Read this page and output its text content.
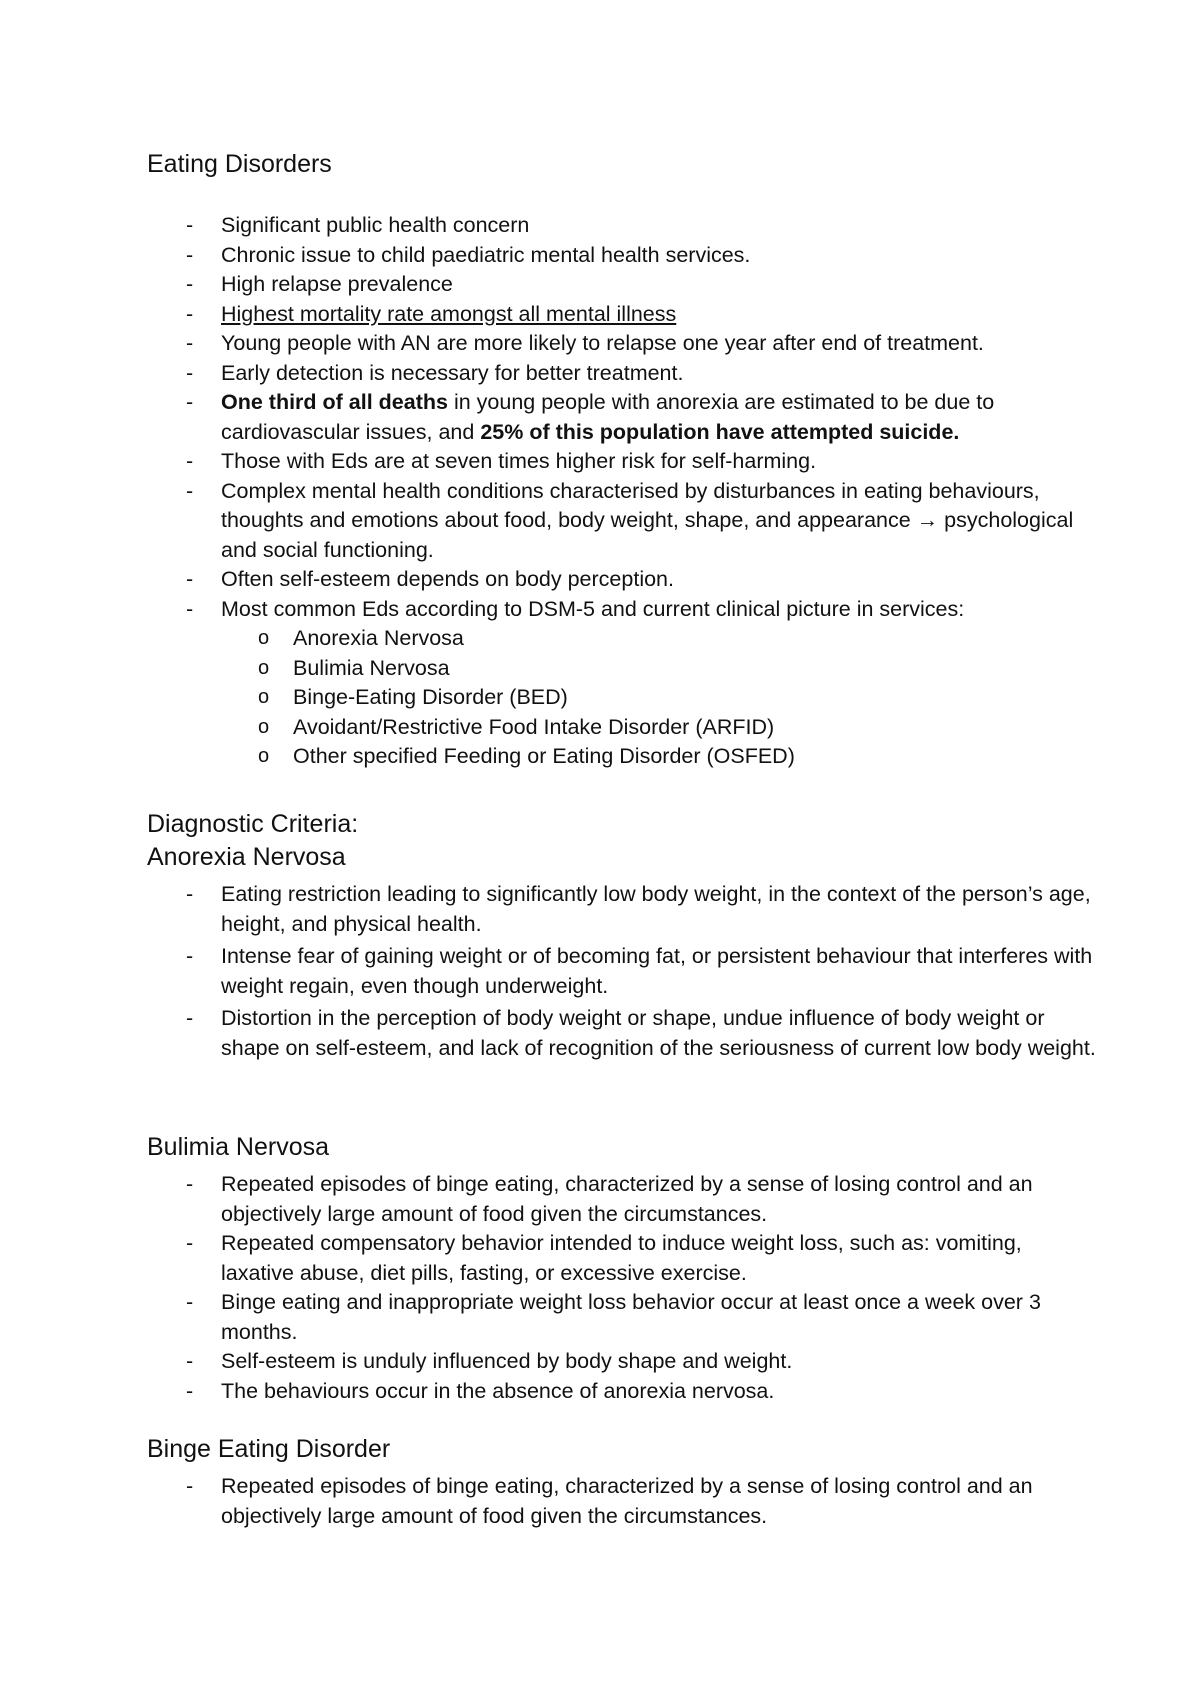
Eating Disorders
- Significant public health concern
- Chronic issue to child paediatric mental health services.
- High relapse prevalence
- Highest mortality rate amongst all mental illness
- Young people with AN are more likely to relapse one year after end of treatment.
- Early detection is necessary for better treatment.
- One third of all deaths in young people with anorexia are estimated to be due to cardiovascular issues, and 25% of this population have attempted suicide.
- Those with Eds are at seven times higher risk for self-harming.
- Complex mental health conditions characterised by disturbances in eating behaviours, thoughts and emotions about food, body weight, shape, and appearance → psychological and social functioning.
- Often self-esteem depends on body perception.
- Most common Eds according to DSM-5 and current clinical picture in services:
o Anorexia Nervosa
o Bulimia Nervosa
o Binge-Eating Disorder (BED)
o Avoidant/Restrictive Food Intake Disorder (ARFID)
o Other specified Feeding or Eating Disorder (OSFED)
Diagnostic Criteria:
Anorexia Nervosa
- Eating restriction leading to significantly low body weight, in the context of the person’s age, height, and physical health.
- Intense fear of gaining weight or of becoming fat, or persistent behaviour that interferes with weight regain, even though underweight.
- Distortion in the perception of body weight or shape, undue influence of body weight or shape on self-esteem, and lack of recognition of the seriousness of current low body weight.
Bulimia Nervosa
- Repeated episodes of binge eating, characterized by a sense of losing control and an objectively large amount of food given the circumstances.
- Repeated compensatory behavior intended to induce weight loss, such as: vomiting, laxative abuse, diet pills, fasting, or excessive exercise.
- Binge eating and inappropriate weight loss behavior occur at least once a week over 3 months.
- Self-esteem is unduly influenced by body shape and weight.
- The behaviours occur in the absence of anorexia nervosa.
Binge Eating Disorder
- Repeated episodes of binge eating, characterized by a sense of losing control and an objectively large amount of food given the circumstances.
